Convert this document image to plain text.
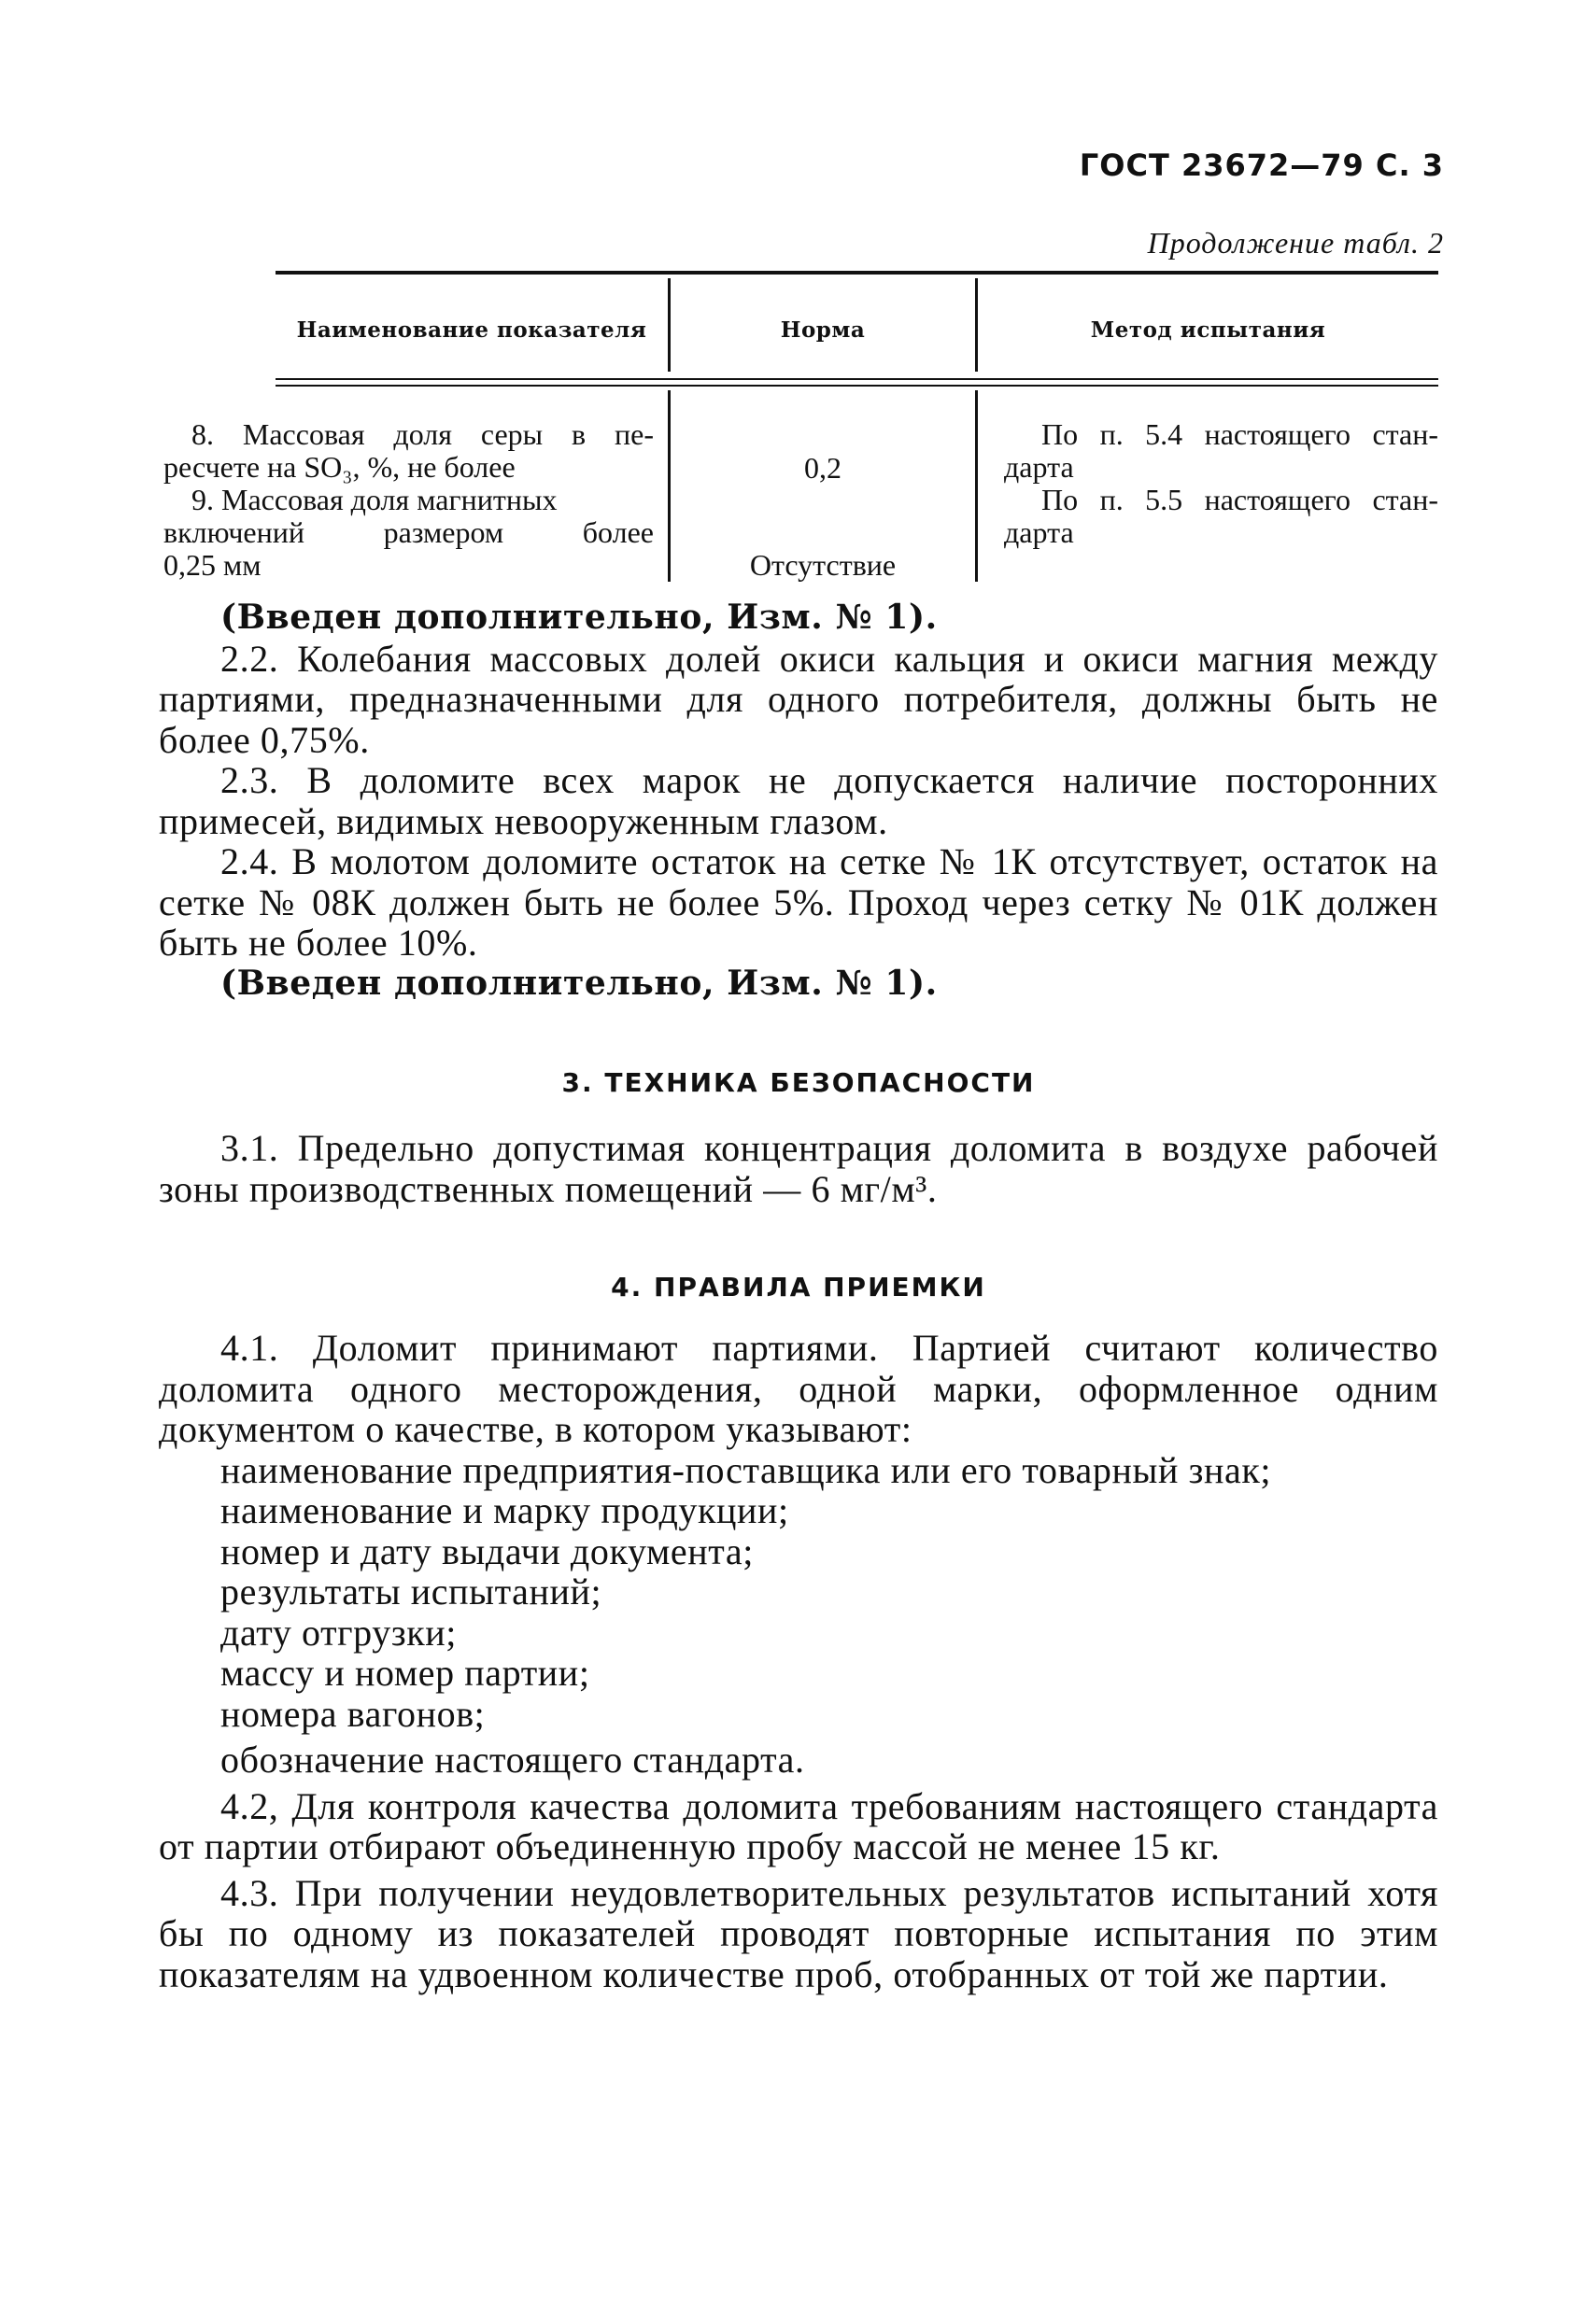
ГОСТ 23672—79 С. 3
Продолжение табл. 2
Наименование показателя	Норма	Метод испытания

8. Массовая доля серы в пе-

ресчете на SO₃, %, не более

9. Массовая доля магнитных

включений размером более

0,25 мм

0,2
Отсутствие

По п. 5.4 настоящего стан-

дарта

По п. 5.5 настоящего стан-

дарта

(Введен дополнительно, Изм. № 1).

2.2. Колебания массовых долей окиси кальция и окиси магния между партиями, предназначенными для одного потребителя, должны быть не более 0,75%.

2.3. В доломите всех марок не допускается наличие посторонних примесей, видимых невооруженным глазом.

2.4. В молотом доломите остаток на сетке № 1К отсутствует, остаток на сетке № 08К должен быть не более 5%. Проход через сетку № 01К должен быть не более 10%.

(Введен дополнительно, Изм. № 1).

3. ТЕХНИКА БЕЗОПАСНОСТИ

3.1. Предельно допустимая концентрация доломита в воздухе рабочей зоны производственных помещений — 6 мг/м³.

4. ПРАВИЛА ПРИЕМКИ

4.1. Доломит принимают партиями. Партией считают количество доломита одного месторождения, одной марки, оформленное одним документом о качестве, в котором указывают:

наименование предприятия-поставщика или его товарный знак;

наименование и марку продукции;

номер и дату выдачи документа;

результаты испытаний;

дату отгрузки;

массу и номер партии;

номера вагонов;

обозначение настоящего стандарта.

4.2, Для контроля качества доломита требованиям настоящего стандарта от партии отбирают объединенную пробу массой не менее 15 кг.

4.3. При получении неудовлетворительных результатов испытаний хотя бы по одному из показателей проводят повторные испытания по этим показателям на удвоенном количестве проб, отобранных от той же партии.
